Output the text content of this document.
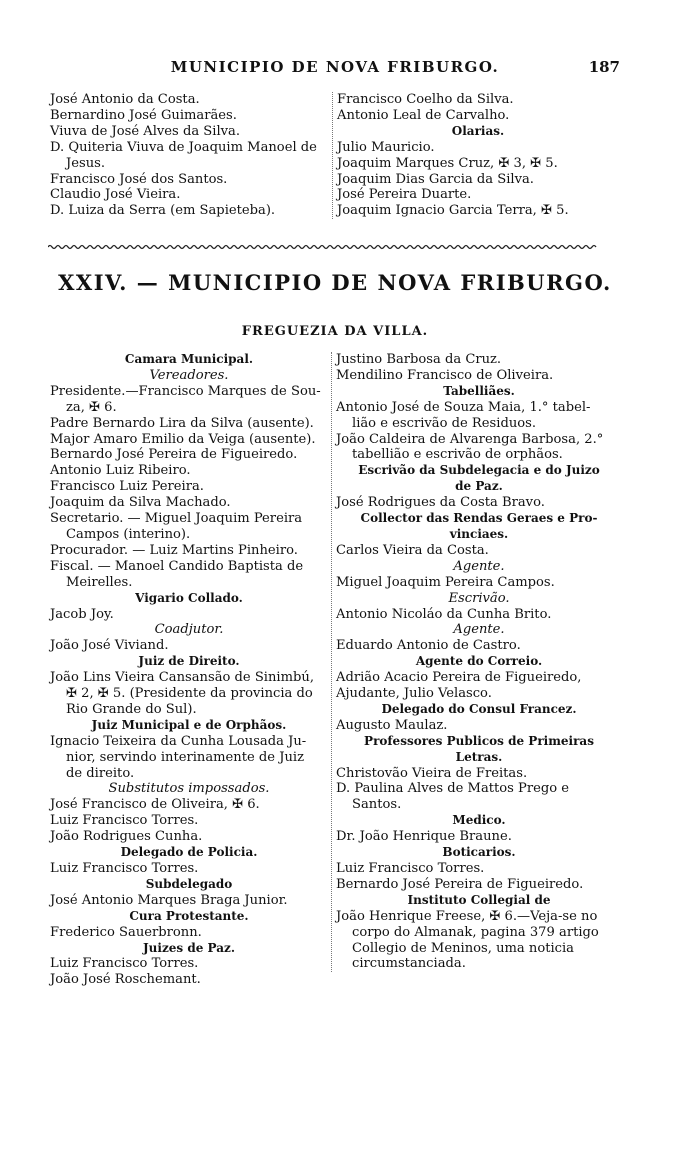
MUNICIPIO DE NOVA FRIBURGO.	187
José Antonio da Costa.
Bernardino José Guimarães.
Viuva de José Alves da Silva.
D. Quiteria Viuva de Joaquim Manoel de
Jesus.
Francisco José dos Santos.
Claudio José Vieira.
D. Luiza da Serra (em Sapieteba).
Francisco Coelho da Silva.
Antonio Leal de Carvalho.
Olarias.
Julio Mauricio.
Joaquim Marques Cruz, ✠ 3, ✠ 5.
Joaquim Dias Garcia da Silva.
José Pereira Duarte.
Joaquim Ignacio Garcia Terra, ✠ 5.
XXIV. — MUNICIPIO DE NOVA FRIBURGO.
FREGUEZIA DA VILLA.
Camara Municipal.
Vereadores.
Presidente.—Francisco Marques de Sou-
za, ✠ 6.
Padre Bernardo Lira da Silva (ausente).
Major Amaro Emilio da Veiga (ausente).
Bernardo José Pereira de Figueiredo.
Antonio Luiz Ribeiro.
Francisco Luiz Pereira.
Joaquim da Silva Machado.
Secretario. — Miguel Joaquim Pereira
Campos (interino).
Procurador. — Luiz Martins Pinheiro.
Fiscal. — Manoel Candido Baptista de
Meirelles.
Vigario Collado.
Jacob Joy.
Coadjutor.
João José Viviand.
Juiz de Direito.
João Lins Vieira Cansansão de Sinimbú,
✠ 2, ✠ 5. (Presidente da provincia do
Rio Grande do Sul).
Juiz Municipal e de Orphãos.
Ignacio Teixeira da Cunha Lousada Ju-
nior, servindo interinamente de Juiz
de direito.
Substitutos impossados.
José Francisco de Oliveira, ✠ 6.
Luiz Francisco Torres.
João Rodrigues Cunha.
Delegado de Policia.
Luiz Francisco Torres.
Subdelegado
José Antonio Marques Braga Junior.
Cura Protestante.
Frederico Sauerbronn.
Juizes de Paz.
Luiz Francisco Torres.
João José Roschemant.
Justino Barbosa da Cruz.
Mendilino Francisco de Oliveira.
Tabelliães.
Antonio José de Souza Maia, 1.° tabel-
lião e escrivão de Residuos.
João Caldeira de Alvarenga Barbosa, 2.°
tabellião e escrivão de orphãos.
Escrivão da Subdelegacia e do Juizo
de Paz.
José Rodrigues da Costa Bravo.
Collector das Rendas Geraes e Pro-
vinciaes.
Carlos Vieira da Costa.
Agente.
Miguel Joaquim Pereira Campos.
Escrivão.
Antonio Nicoláo da Cunha Brito.
Agente.
Eduardo Antonio de Castro.
Agente do Correio.
Adrião Acacio Pereira de Figueiredo,
Ajudante, Julio Velasco.
Delegado do Consul Francez.
Augusto Maulaz.
Professores Publicos de Primeiras
Letras.
Christovão Vieira de Freitas.
D. Paulina Alves de Mattos Prego e
Santos.
Medico.
Dr. João Henrique Braune.
Boticarios.
Luiz Francisco Torres.
Bernardo José Pereira de Figueiredo.
Instituto Collegial de
João Henrique Freese, ✠ 6.—Veja-se no
corpo do Almanak, pagina 379 artigo
Collegio de Meninos, uma noticia
circumstanciada.
